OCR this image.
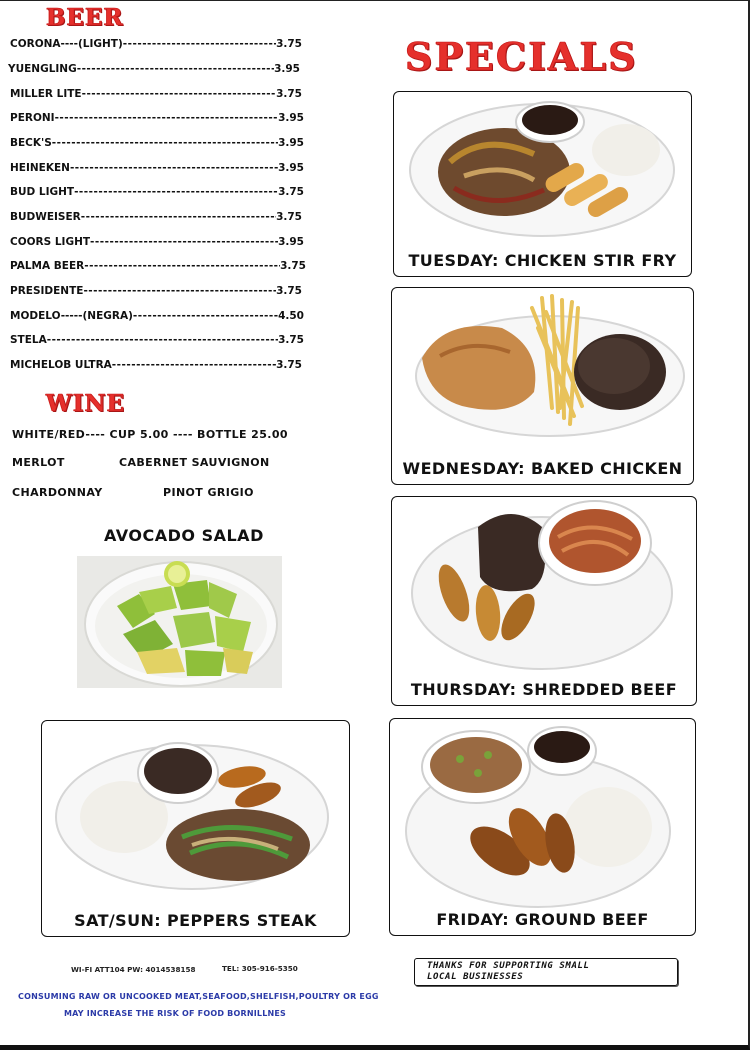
BEER
CORONA----(LIGHT) -----	3.75
YUENGLING -----	3.95
MILLER LITE -----	3.75
PERONI -----	3.95
BECK'S -----	3.95
HEINEKEN -----	3.95
BUD LIGHT -----	3.75
BUDWEISER -----	3.75
COORS LIGHT -----	3.95
PALMA BEER -----	3.75
PRESIDENTE -----	3.75
MODELO-----(NEGRA) -----	4.50
STELA -----	3.75
MICHELOB ULTRA -----	3.75
WINE
WHITE/RED---- CUP 5.00 ---- BOTTLE 25.00
MERLOT	CABERNET SAUVIGNON
CHARDONNAY	PINOT GRIGIO
AVOCADO SALAD
SPECIALS
TUESDAY: CHICKEN STIR FRY
WEDNESDAY: BAKED CHICKEN
THURSDAY: SHREDDED BEEF
FRIDAY: GROUND BEEF
SAT/SUN: PEPPERS STEAK
WI-FI ATT104 PW: 4014538158	TEL: 305-916-5350
CONSUMING RAW OR UNCOOKED MEAT,SEAFOOD,SHELFISH,POULTRY OR EGG
MAY INCREASE THE RISK OF FOOD BORNILLNES
THANKS FOR SUPPORTING SMALL
LOCAL BUSINESSES
